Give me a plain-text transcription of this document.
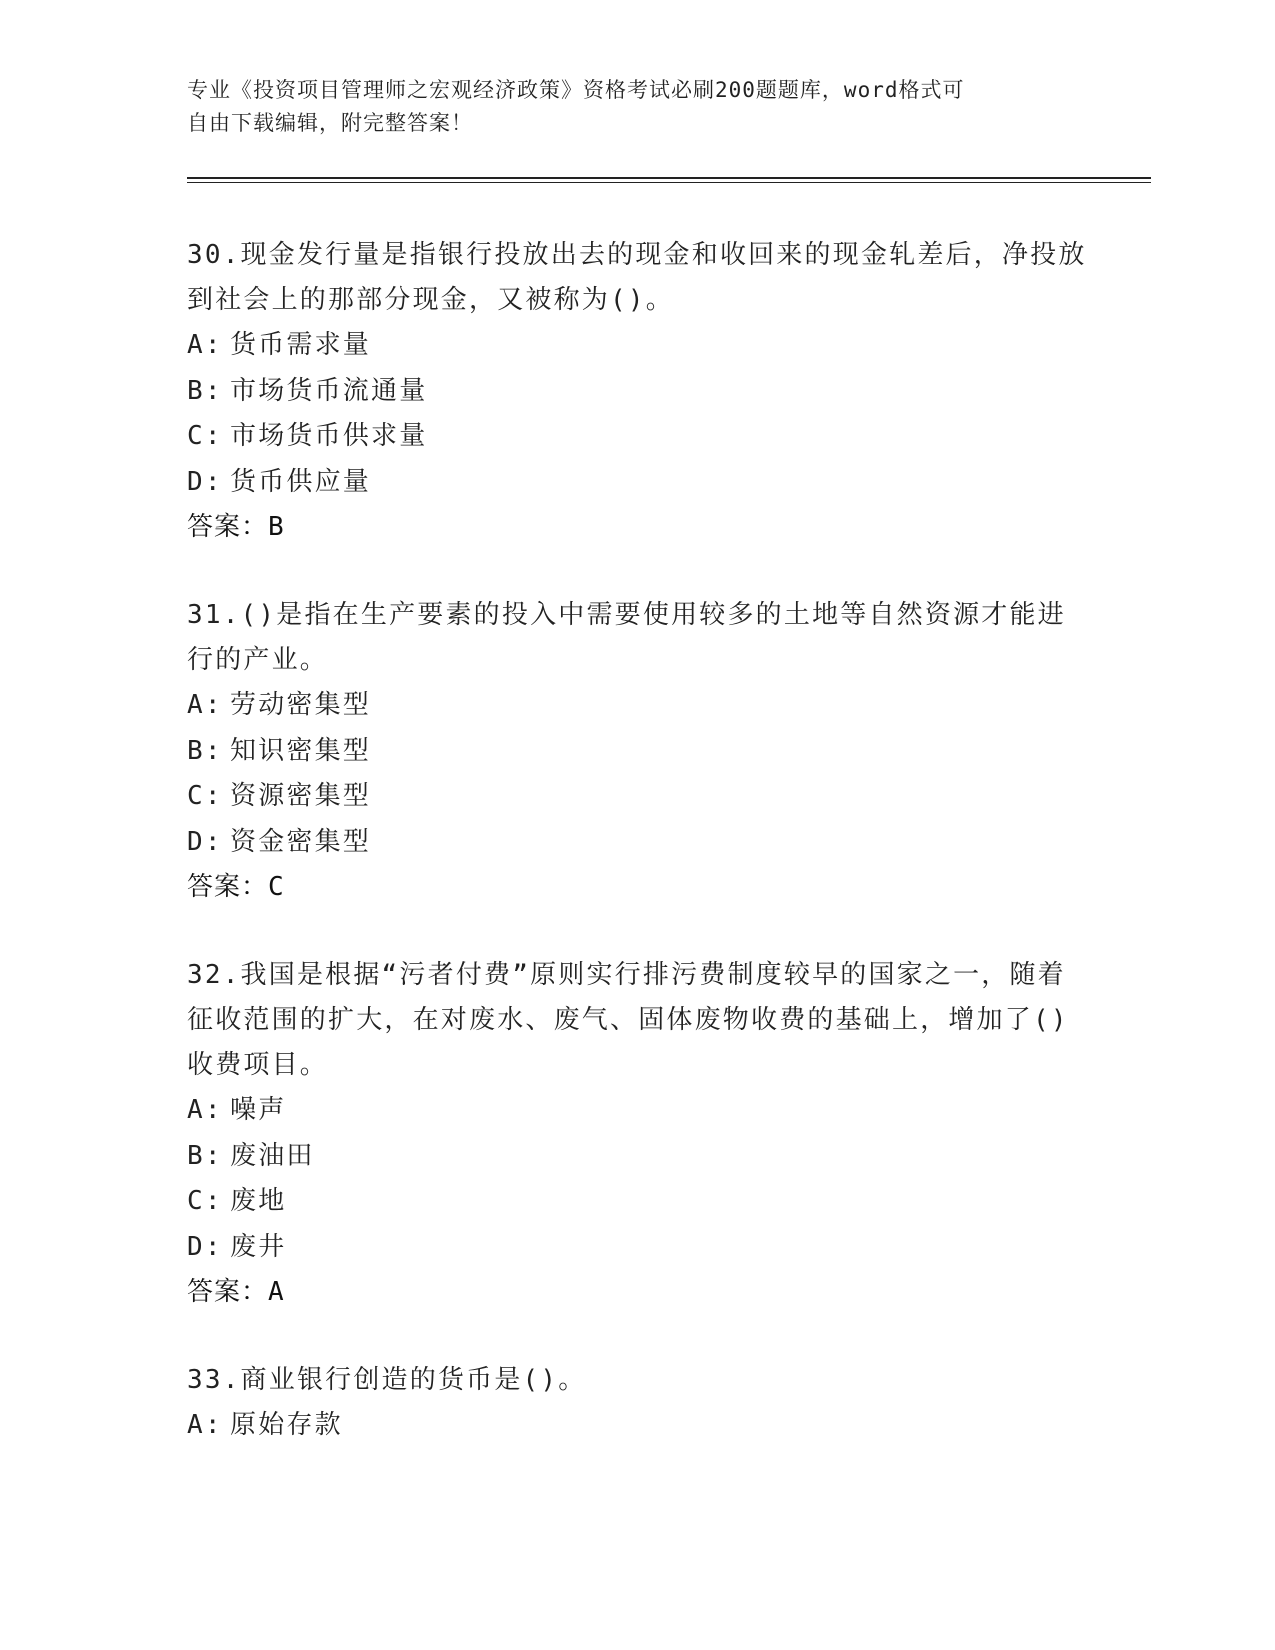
专业《投资项目管理师之宏观经济政策》资格考试必刷200题题库，word格式可
自由下载编辑，附完整答案！

30.现金发行量是指银行投放出去的现金和收回来的现金轧差后，净投放到社会上的那部分现金，又被称为()。

A: 货币需求量

B: 市场货币流通量

C: 市场货币供求量

D: 货币供应量

答案：B

31.()是指在生产要素的投入中需要使用较多的土地等自然资源才能进行的产业。

A: 劳动密集型

B: 知识密集型

C: 资源密集型

D: 资金密集型

答案：C

32.我国是根据“污者付费”原则实行排污费制度较早的国家之一，随着征收范围的扩大，在对废水、废气、固体废物收费的基础上，增加了()收费项目。

A: 噪声

B: 废油田

C: 废地

D: 废井

答案：A

33.商业银行创造的货币是()。

A: 原始存款
